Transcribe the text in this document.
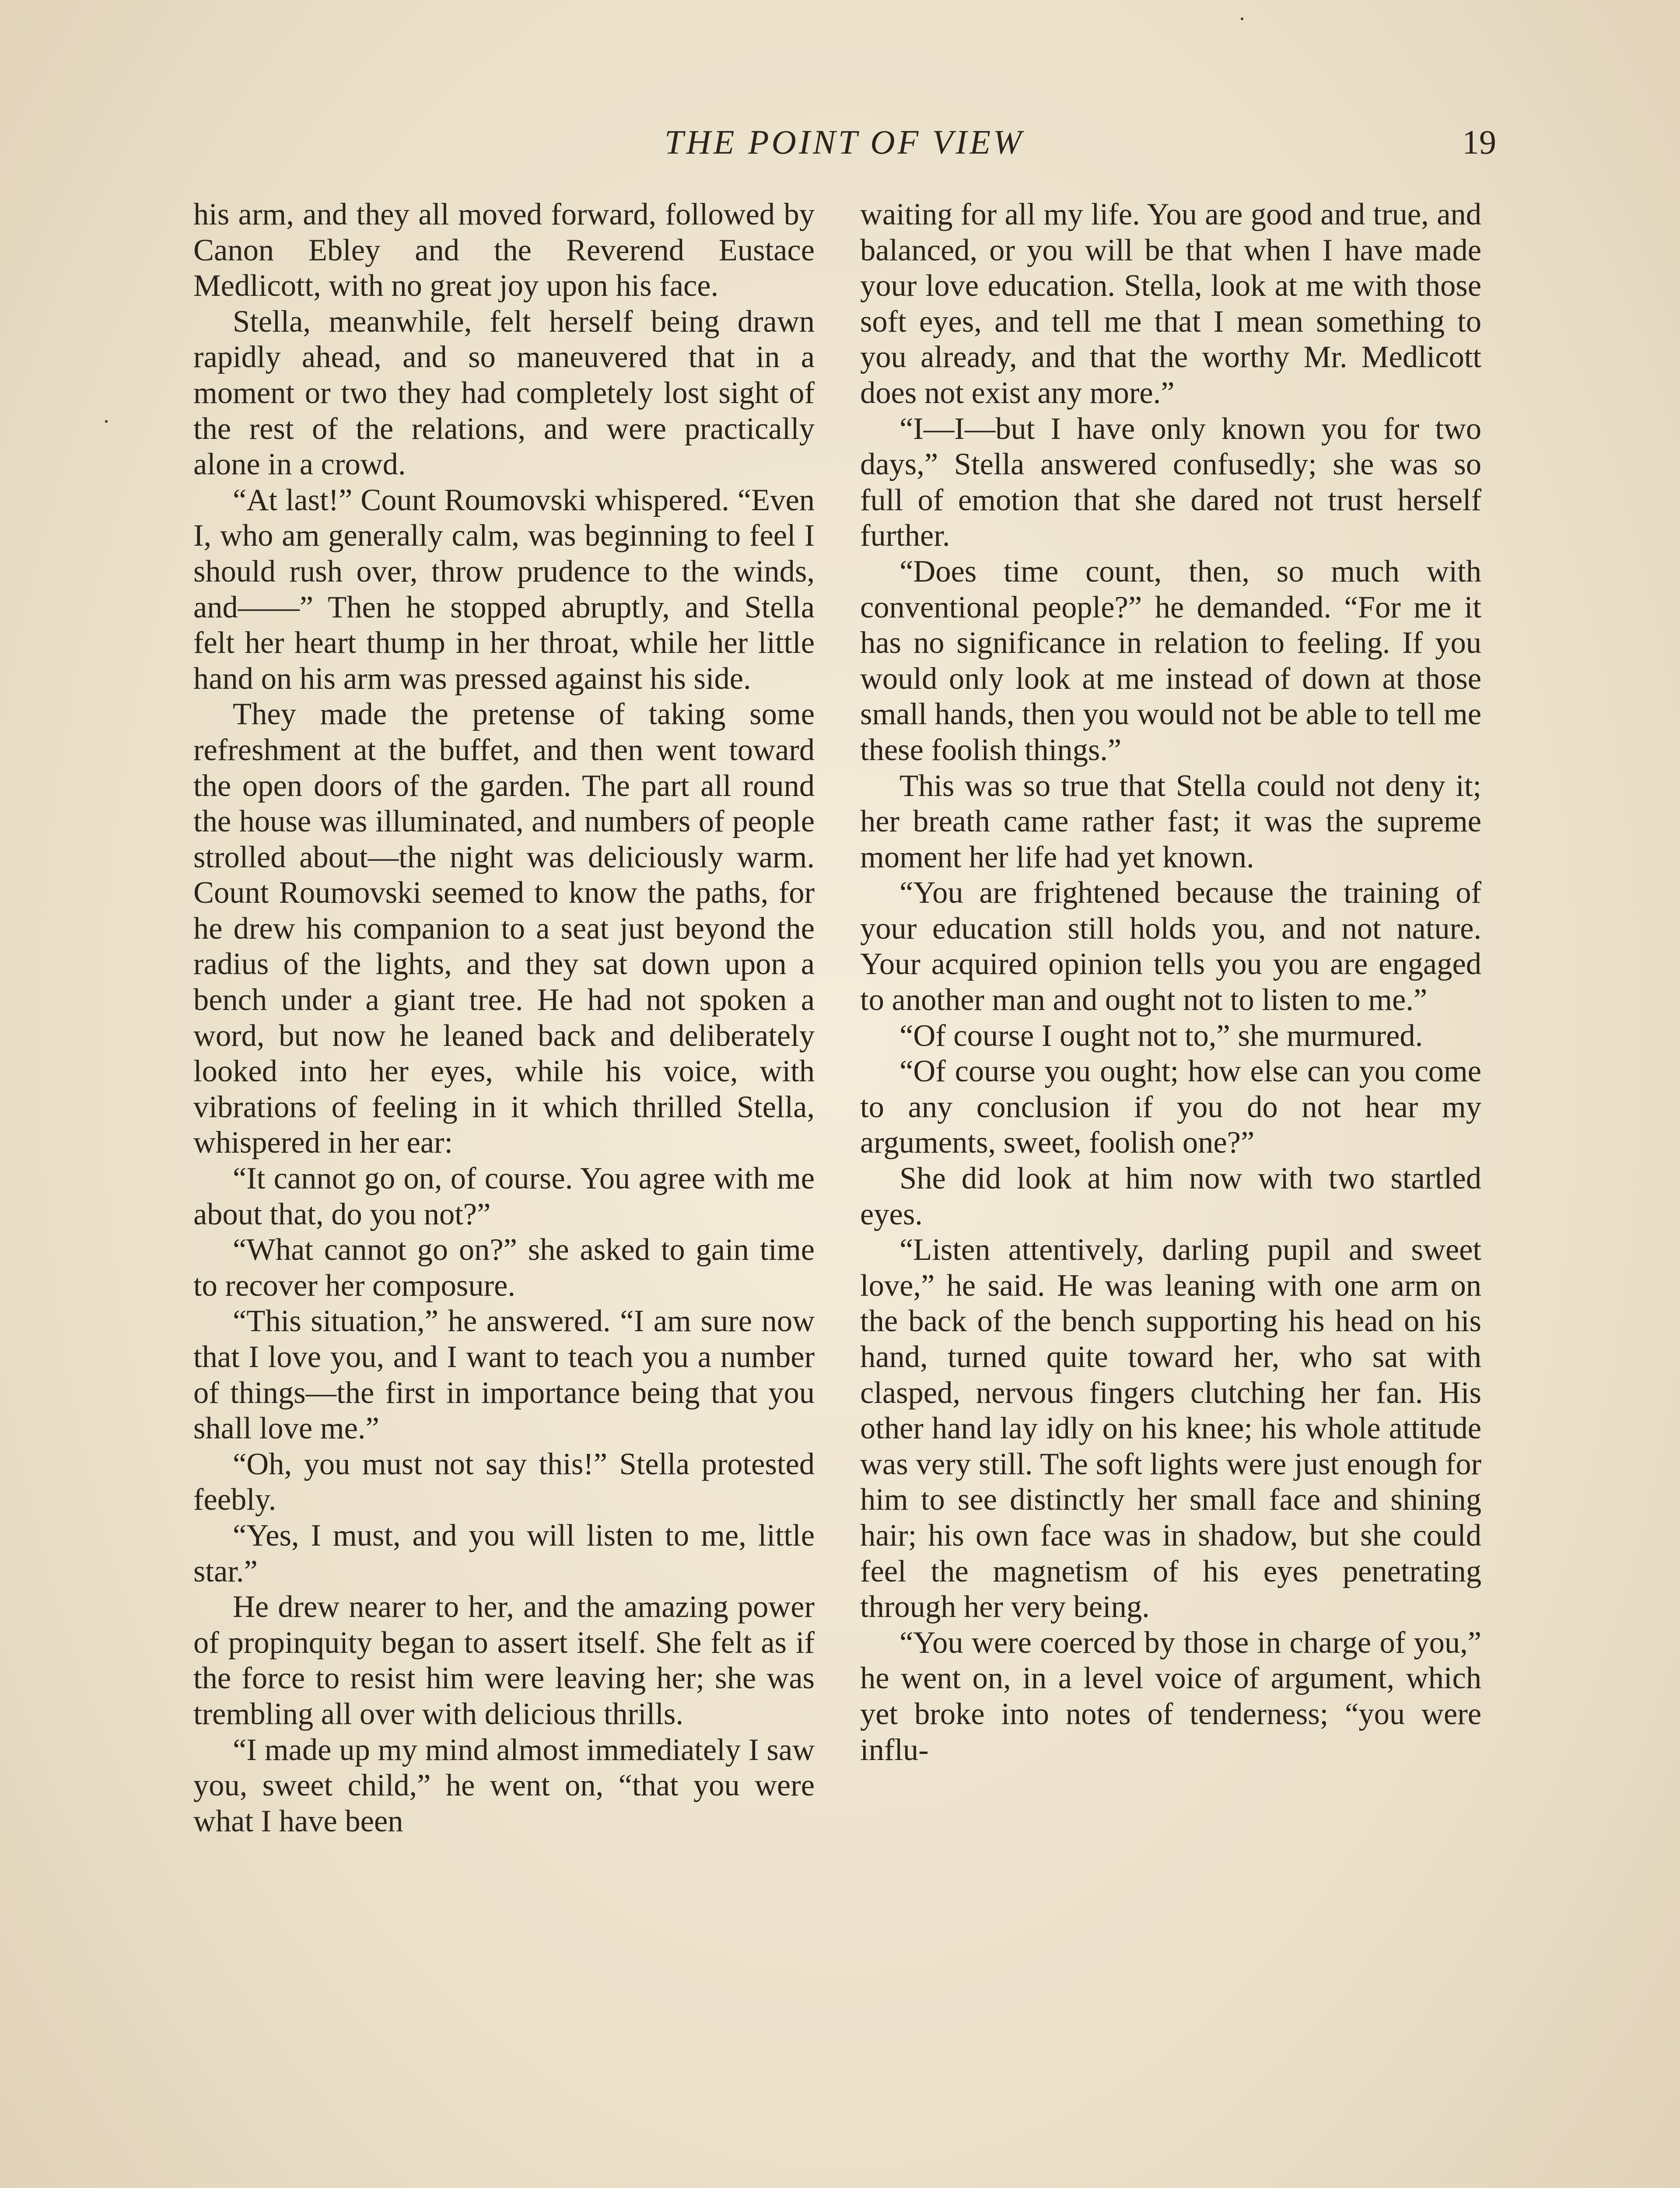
THE POINT OF VIEW	19

his arm, and they all moved forward, followed by Canon Ebley and the Reverend Eustace Medlicott, with no great joy upon his face.

Stella, meanwhile, felt herself being drawn rapidly ahead, and so maneuvered that in a moment or two they had completely lost sight of the rest of the relations, and were practically alone in a crowd.

“At last!” Count Roumovski whispered. “Even I, who am generally calm, was beginning to feel I should rush over, throw prudence to the winds, and——” Then he stopped abruptly, and Stella felt her heart thump in her throat, while her little hand on his arm was pressed against his side.

They made the pretense of taking some refreshment at the buffet, and then went toward the open doors of the garden. The part all round the house was illuminated, and numbers of people strolled about—the night was deliciously warm. Count Roumovski seemed to know the paths, for he drew his companion to a seat just beyond the radius of the lights, and they sat down upon a bench under a giant tree. He had not spoken a word, but now he leaned back and deliberately looked into her eyes, while his voice, with vibrations of feeling in it which thrilled Stella, whispered in her ear:

“It cannot go on, of course. You agree with me about that, do you not?”

“What cannot go on?” she asked to gain time to recover her composure.

“This situation,” he answered. “I am sure now that I love you, and I want to teach you a number of things—the first in importance being that you shall love me.”

“Oh, you must not say this!” Stella protested feebly.

“Yes, I must, and you will listen to me, little star.”

He drew nearer to her, and the amazing power of propinquity began to assert itself. She felt as if the force to resist him were leaving her; she was trembling all over with delicious thrills.

“I made up my mind almost immediately I saw you, sweet child,” he went on, “that you were what I have been

waiting for all my life. You are good and true, and balanced, or you will be that when I have made your love education. Stella, look at me with those soft eyes, and tell me that I mean something to you already, and that the worthy Mr. Medlicott does not exist any more.”

“I—I—but I have only known you for two days,” Stella answered confusedly; she was so full of emotion that she dared not trust herself further.

“Does time count, then, so much with conventional people?” he demanded. “For me it has no significance in relation to feeling. If you would only look at me instead of down at those small hands, then you would not be able to tell me these foolish things.”

This was so true that Stella could not deny it; her breath came rather fast; it was the supreme moment her life had yet known.

“You are frightened because the training of your education still holds you, and not nature. Your acquired opinion tells you you are engaged to another man and ought not to listen to me.”

“Of course I ought not to,” she murmured.

“Of course you ought; how else can you come to any conclusion if you do not hear my arguments, sweet, foolish one?”

She did look at him now with two startled eyes.

“Listen attentively, darling pupil and sweet love,” he said. He was leaning with one arm on the back of the bench supporting his head on his hand, turned quite toward her, who sat with clasped, nervous fingers clutching her fan. His other hand lay idly on his knee; his whole attitude was very still. The soft lights were just enough for him to see distinctly her small face and shining hair; his own face was in shadow, but she could feel the magnetism of his eyes penetrating through her very being.

“You were coerced by those in charge of you,” he went on, in a level voice of argument, which yet broke into notes of tenderness; “you were influ-
